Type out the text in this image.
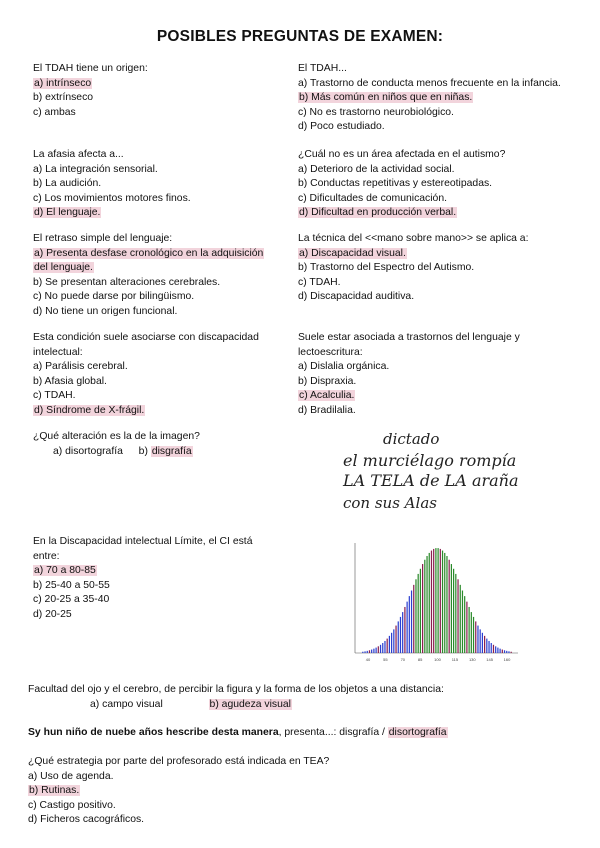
POSIBLES PREGUNTAS DE EXAMEN:
El TDAH tiene un origen:
a) intrínseco
b) extrínseco
c) ambas
El TDAH...
a) Trastorno de conducta menos frecuente en la infancia.
b) Más común en niños que en niñas.
c) No es trastorno neurobiológico.
d) Poco estudiado.
La afasia afecta a...
a) La integración sensorial.
b) La audición.
c) Los movimientos motores finos.
d) El lenguaje.
¿Cuál no es un área afectada en el autismo?
a) Deterioro de la actividad social.
b) Conductas repetitivas y estereotipadas.
c) Dificultades de comunicación.
d) Dificultad en producción verbal.
El retraso simple del lenguaje:
a) Presenta desfase cronológico en la adquisición
del lenguaje.
b) Se presentan alteraciones cerebrales.
c) No puede darse por bilingüismo.
d) No tiene un origen funcional.
La técnica del <<mano sobre mano>> se aplica a:
a) Discapacidad visual.
b) Trastorno del Espectro del Autismo.
c) TDAH.
d) Discapacidad auditiva.
Esta condición suele asociarse con discapacidad
intelectual:
a) Parálisis cerebral.
b) Afasia global.
c) TDAH.
d) Síndrome de X-frágil.
Suele estar asociada a trastornos del lenguaje y
lectoescritura:
a) Dislalia orgánica.
b) Dispraxia.
c) Acalculia.
d) Bradilalia.
¿Qué alteración es la de la imagen?
a) disortografía b) disgrafía
dictado
el murciélago rompía
LA TELA de LA araña
con sus Alas
En la Discapacidad intelectual Límite, el CI está
entre:
a) 70 a 80-85
b) 25-40 a 50-55
c) 20-25 a 35-40
d) 20-25
40	55	70	85	100	115	130	145	160
Facultad del ojo y el cerebro, de percibir la figura y la forma de los objetos a una distancia:
a) campo visual	b) agudeza visual
Sy hun niño de nuebe años hescribe desta manera, presenta...: disgrafía / disortografía
¿Qué estrategia por parte del profesorado está indicada en TEA?
a) Uso de agenda.
b) Rutinas.
c) Castigo positivo.
d) Ficheros cacográficos.
